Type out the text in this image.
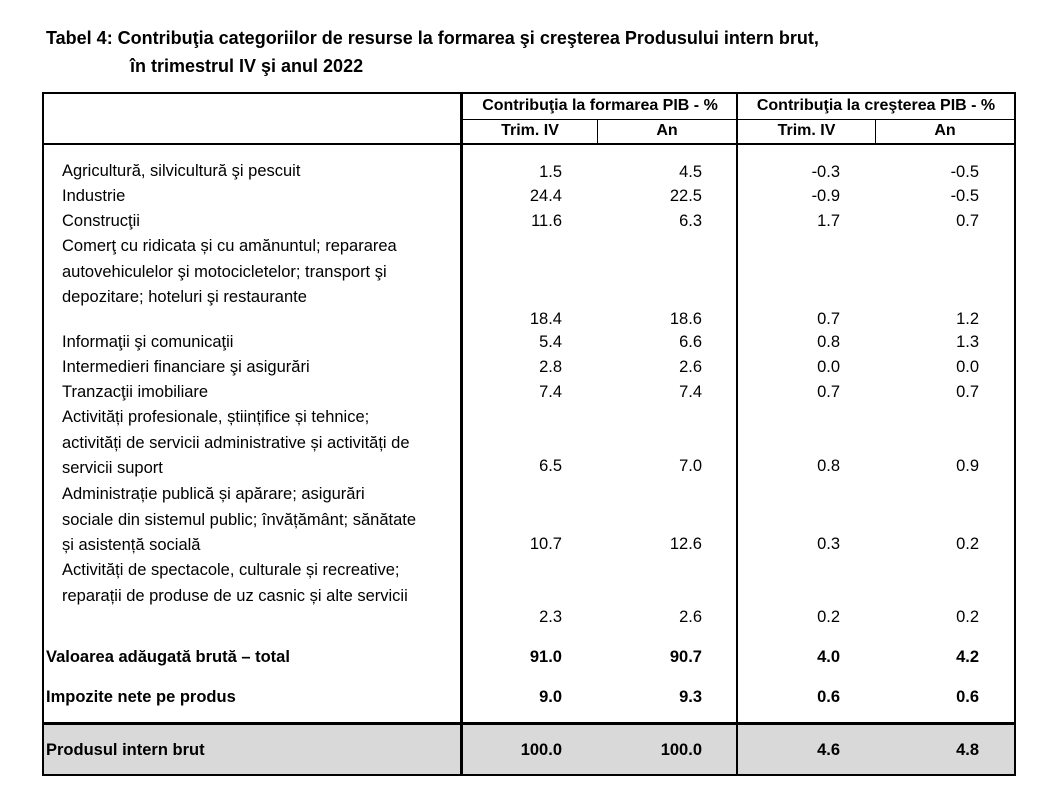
Tabel 4: Contribuţia categoriilor de resurse la formarea şi creşterea Produsului intern brut,
în trimestrul IV şi anul 2022
Contribuţia la formarea PIB - %	Contribuţia la creşterea PIB - %
Trim. IV	An	Trim. IV	An
Agricultură, silvicultură şi pescuit	1.5	4.5	-0.3	-0.5
Industrie	24.4	22.5	-0.9	-0.5
Construcţii	11.6	6.3	1.7	0.7
Comerţ cu ridicata și cu amănuntul; repararea
autovehiculelor şi motocicletelor; transport şi
depozitare; hoteluri şi restaurante
18.4	18.6	0.7	1.2
Informaţii şi comunicaţii	5.4	6.6	0.8	1.3
Intermedieri financiare şi asigurări	2.8	2.6	0.0	0.0
Tranzacţii imobiliare	7.4	7.4	0.7	0.7
Activități profesionale, științifice și tehnice;
activități de servicii administrative și activități de
servicii suport	6.5	7.0	0.8	0.9
Administrație publică și apărare; asigurări
sociale din sistemul public; învățământ; sănătate
și asistență socială	10.7	12.6	0.3	0.2
Activități de spectacole, culturale și recreative;
reparații de produse de uz casnic și alte servicii
2.3	2.6	0.2	0.2
Valoarea adăugată brută – total	91.0	90.7	4.0	4.2
Impozite nete pe produs	9.0	9.3	0.6	0.6
Produsul intern brut	100.0	100.0	4.6	4.8
